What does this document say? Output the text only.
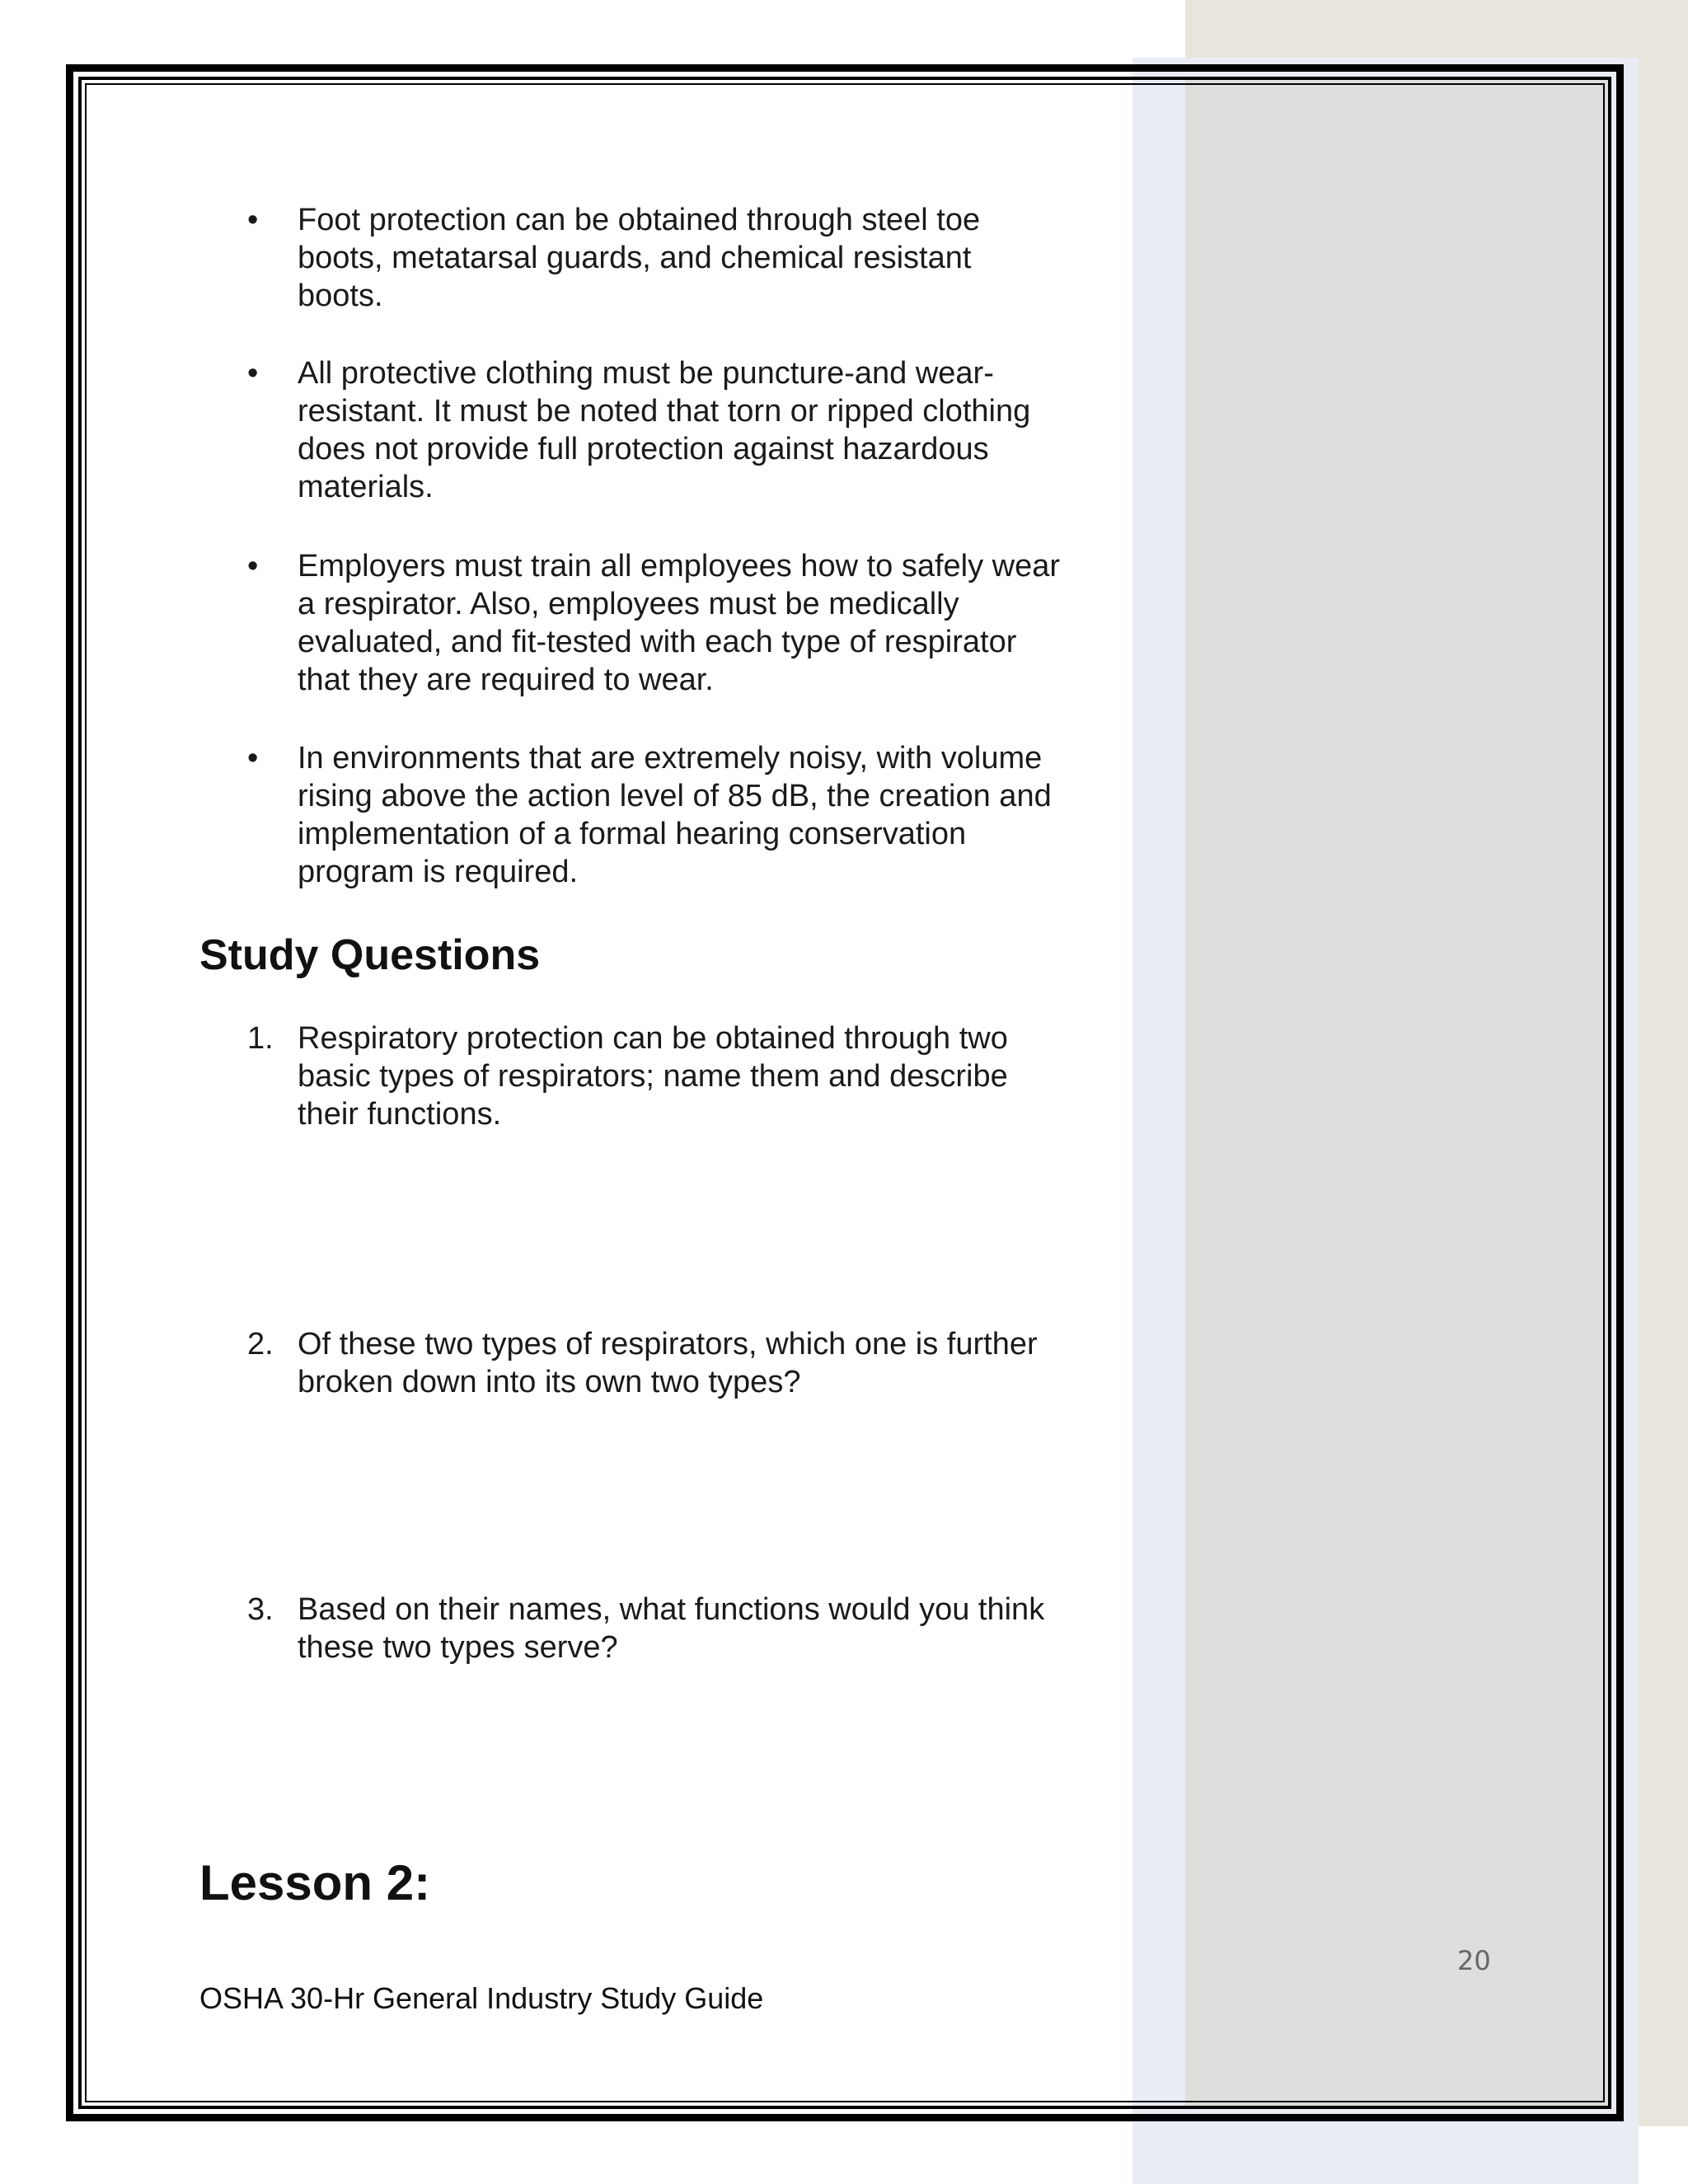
•	Foot protection can be obtained through steel toe
boots, metatarsal guards, and chemical resistant
boots.
•	All protective clothing must be puncture-and wear-
resistant. It must be noted that torn or ripped clothing
does not provide full protection against hazardous
materials.
•	Employers must train all employees how to safely wear
a respirator. Also, employees must be medically
evaluated, and fit-tested with each type of respirator
that they are required to wear.
•	In environments that are extremely noisy, with volume
rising above the action level of 85 dB, the creation and
implementation of a formal hearing conservation
program is required.
Study Questions
1. Respiratory protection can be obtained through two
basic types of respirators; name them and describe
their functions.
2. Of these two types of respirators, which one is further
broken down into its own two types?
3. Based on their names, what functions would you think
these two types serve?
Lesson 2:
20
OSHA 30-Hr General Industry Study Guide
